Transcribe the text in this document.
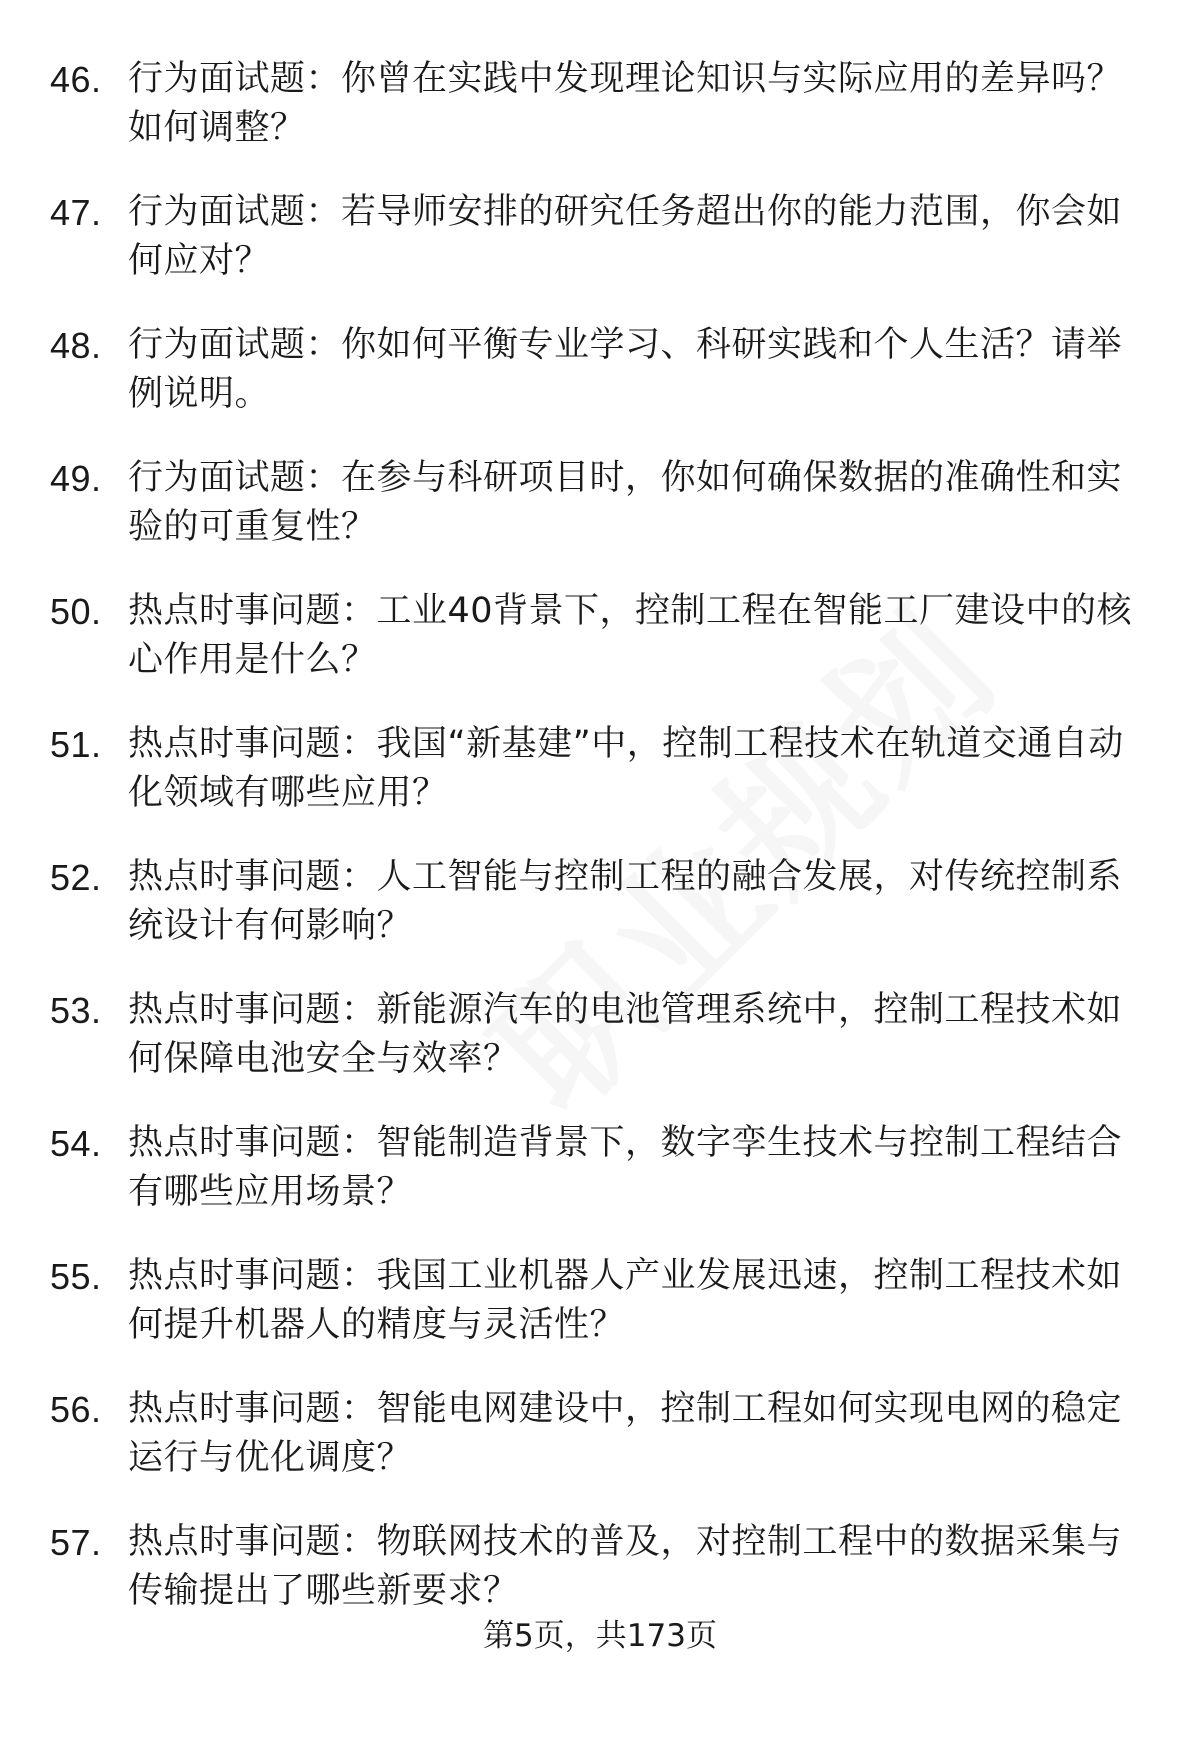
46. 行为面试题：你曾在实践中发现理论知识与实际应用的差异吗？如何调整？
47. 行为面试题：若导师安排的研究任务超出你的能力范围，你会如何应对？
48. 行为面试题：你如何平衡专业学习、科研实践和个人生活？请举例说明。
49. 行为面试题：在参与科研项目时，你如何确保数据的准确性和实验的可重复性？
50. 热点时事问题：工业40背景下，控制工程在智能工厂建设中的核心作用是什么？
51. 热点时事问题：我国“新基建”中，控制工程技术在轨道交通自动化领域有哪些应用？
52. 热点时事问题：人工智能与控制工程的融合发展，对传统控制系统设计有何影响？
53. 热点时事问题：新能源汽车的电池管理系统中，控制工程技术如何保障电池安全与效率？
54. 热点时事问题：智能制造背景下，数字孪生技术与控制工程结合有哪些应用场景？
55. 热点时事问题：我国工业机器人产业发展迅速，控制工程技术如何提升机器人的精度与灵活性？
56. 热点时事问题：智能电网建设中，控制工程如何实现电网的稳定运行与优化调度？
57. 热点时事问题：物联网技术的普及，对控制工程中的数据采集与传输提出了哪些新要求？
第5页，共173页
